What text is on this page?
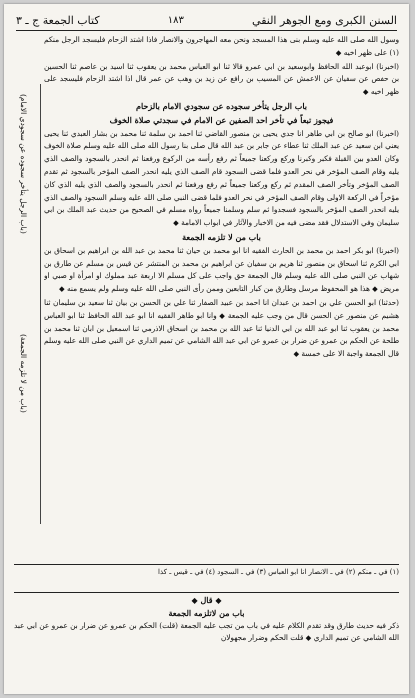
السنن الكبرى ومع الجوهر النقي
١٨٣
كتاب الجمعة ج ـ ٣
(باب الرجل يتأخر سجوده عن سجودي الامام)
(باب من لا تلزمه الجمعة)

وسول الله صلى الله عليه وسلم بنى هذا المسجد ونحن معه المهاجرون والانصار فاذا اشتد الزحام فليسجد الرجل منكم (١) على ظهر اخيه ◆

(اخبرنا) ابوعبد الله الحافظ وابوسعيد بن ابي عمرو قالا ثنا ابو العباس محمد بن يعقوب ثنا اسيد بن عاصم ثنا الحسين بن حفص عن سفيان عن الاعمش عن المسيب بن رافع عن زيد بن وهب عن عمر قال اذا اشتد الزحام فليسجد على ظهر اخيه ◆

باب الرجل يتأخر سجوده عن سجودي الامام بالزحام

فيجوز تبعاً في تأخر احد الصفين عن الامام في سجدتي صلاة الخوف

(اخبرنا) ابو صالح بن ابي طاهر انا جدي يحيى بن منصور القاضي ثنا احمد بن سلمة ثنا محمد بن بشار العبدي ثنا يحيى يعني ابن سعيد عن عبد الملك ثنا عطاء عن جابر بن عبد الله قال صلى بنا رسول الله صلى الله عليه وسلم صلاة الخوف وكان العدو بين القبلة فكبر وكبرنا وركع وركعنا جميعاً ثم رفع رأسه من الركوع ورفعنا ثم انحدر بالسجود والصف الذي يليه وقام الصف المؤخر في نحر العدو فلما قضى السجود قام الصف الذي يليه انحدر الصف المؤخر بالسجود ثم تقدم الصف المؤخر وتأخر الصف المقدم ثم ركع وركعنا جميعاً ثم رفع ورفعنا ثم انحدر بالسجود والصف الذي يليه الذي كان مؤخراً في الركعة الاولى وقام الصف المؤخر في نحر العدو فلما قضى النبي صلى الله عليه وسلم السجود والصف الذي يليه انحدر الصف المؤخر بالسجود فسجدوا ثم سلم وسلمنا جميعاً رواه مسلم في الصحيح من حديث عبد الملك بن ابي سليمان وفي الاستدلال فقد مضى فيه من الاخبار والآثار في ابواب الامامة ◆

باب من لا تلزمه الجمعة

(اخبرنا) ابو بكر احمد بن محمد بن الحارث الفقيه انا ابو محمد بن حيان ثنا محمد بن عبد الله بن ابراهيم بن اسحاق بن ابي الكرم ثنا اسحاق بن منصور ثنا هريم بن سفيان عن ابراهيم بن محمد بن المنتشر عن قيس بن مسلم عن طارق بن شهاب عن النبي صلى الله عليه وسلم قال الجمعة حق واجب على كل مسلم الا اربعة عبد مملوك او امرأة او صبي او مريض ◆ هذا هو المحفوظ مرسل وطارق من كبار التابعين وممن رأى النبي صلى الله عليه وسلم ولم يسمع منه ◆

(حدثنا) ابو الحسن علي بن احمد بن عبدان انا احمد بن عبيد الصفار ثنا علي بن الحسن بن بيان ثنا سعيد بن سليمان ثنا هشيم عن منصور عن الحسن قال من وجب عليه الجمعة ◆ وانا ابو طاهر الفقيه انا ابو عبد الله الحافظ ثنا ابو العباس محمد بن يعقوب ثنا ابو عبد الله بن ابي الدنيا ثنا عبد الله بن محمد بن اسحاق الاذرمي ثنا اسمعيل بن ابان ثنا محمد بن طلحة عن الحكم بن عمرو عن ضرار بن عمرو عن ابي عبد الله الشامي عن تميم الداري عن النبي صلى الله عليه وسلم قال الجمعة واجبة الا على خمسة ◆

(١) في ـ منكم (٢) في ـ الانصار انا ابو العباس (٣) في ـ السجود (٤) في ـ قيس ـ كذا

◆ قال ◆

باب من لاتلزمه الجمعة

ذكر فيه حديث طارق وقد تقدم الكلام عليه في باب من تجب عليه الجمعة (قلت) الحكم بن عمرو عن ضرار بن عمرو عن ابي عبد الله الشامي عن تميم الداري ◆ قلت الحكم وضرار مجهولان
